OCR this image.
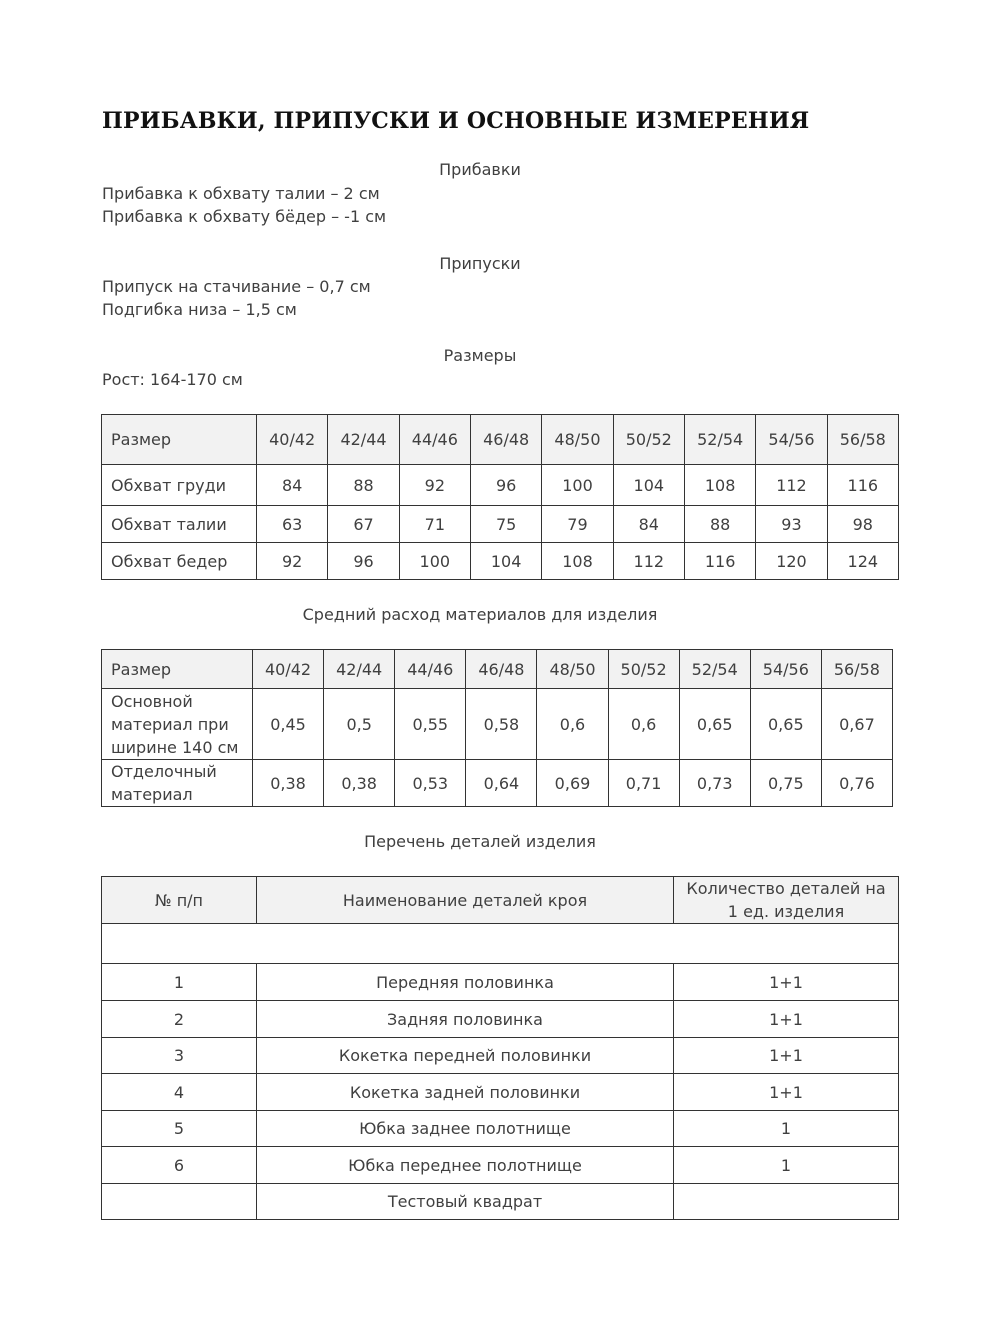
ПРИБАВКИ, ПРИПУСКИ И ОСНОВНЫЕ ИЗМЕРЕНИЯ
Прибавки
Прибавка к обхвату талии – 2 см
Прибавка к обхвату бёдер – -1 см
Припуски
Припуск на стачивание – 0,7 см
Подгибка низа – 1,5 см
Размеры
Рост: 164-170 см
Размер	40/42	42/44	44/46	46/48	48/50	50/52	52/54	54/56	56/58
Обхват груди	84	88	92	96	100	104	108	112	116
Обхват талии	63	67	71	75	79	84	88	93	98
Обхват бедер	92	96	100	104	108	112	116	120	124
Средний расход материалов для изделия
Размер	40/42	42/44	44/46	46/48	48/50	50/52	52/54	54/56	56/58

Основной
материал при
ширине 140 см	0,45	0,5	0,55	0,58	0,6	0,6	0,65	0,65	0,67

Отделочный
материал	0,38	0,38	0,53	0,64	0,69	0,71	0,73	0,75	0,76
Перечень деталей изделия
№ п/п	Наименование деталей кроя	Количество деталей на
1 ед. изделия

1	Передняя половинка	1+1
2	Задняя половинка	1+1
3	Кокетка передней половинки	1+1
4	Кокетка задней половинки	1+1
5	Юбка заднее полотнище	1
6	Юбка переднее полотнище	1
	Тестовый квадрат	
